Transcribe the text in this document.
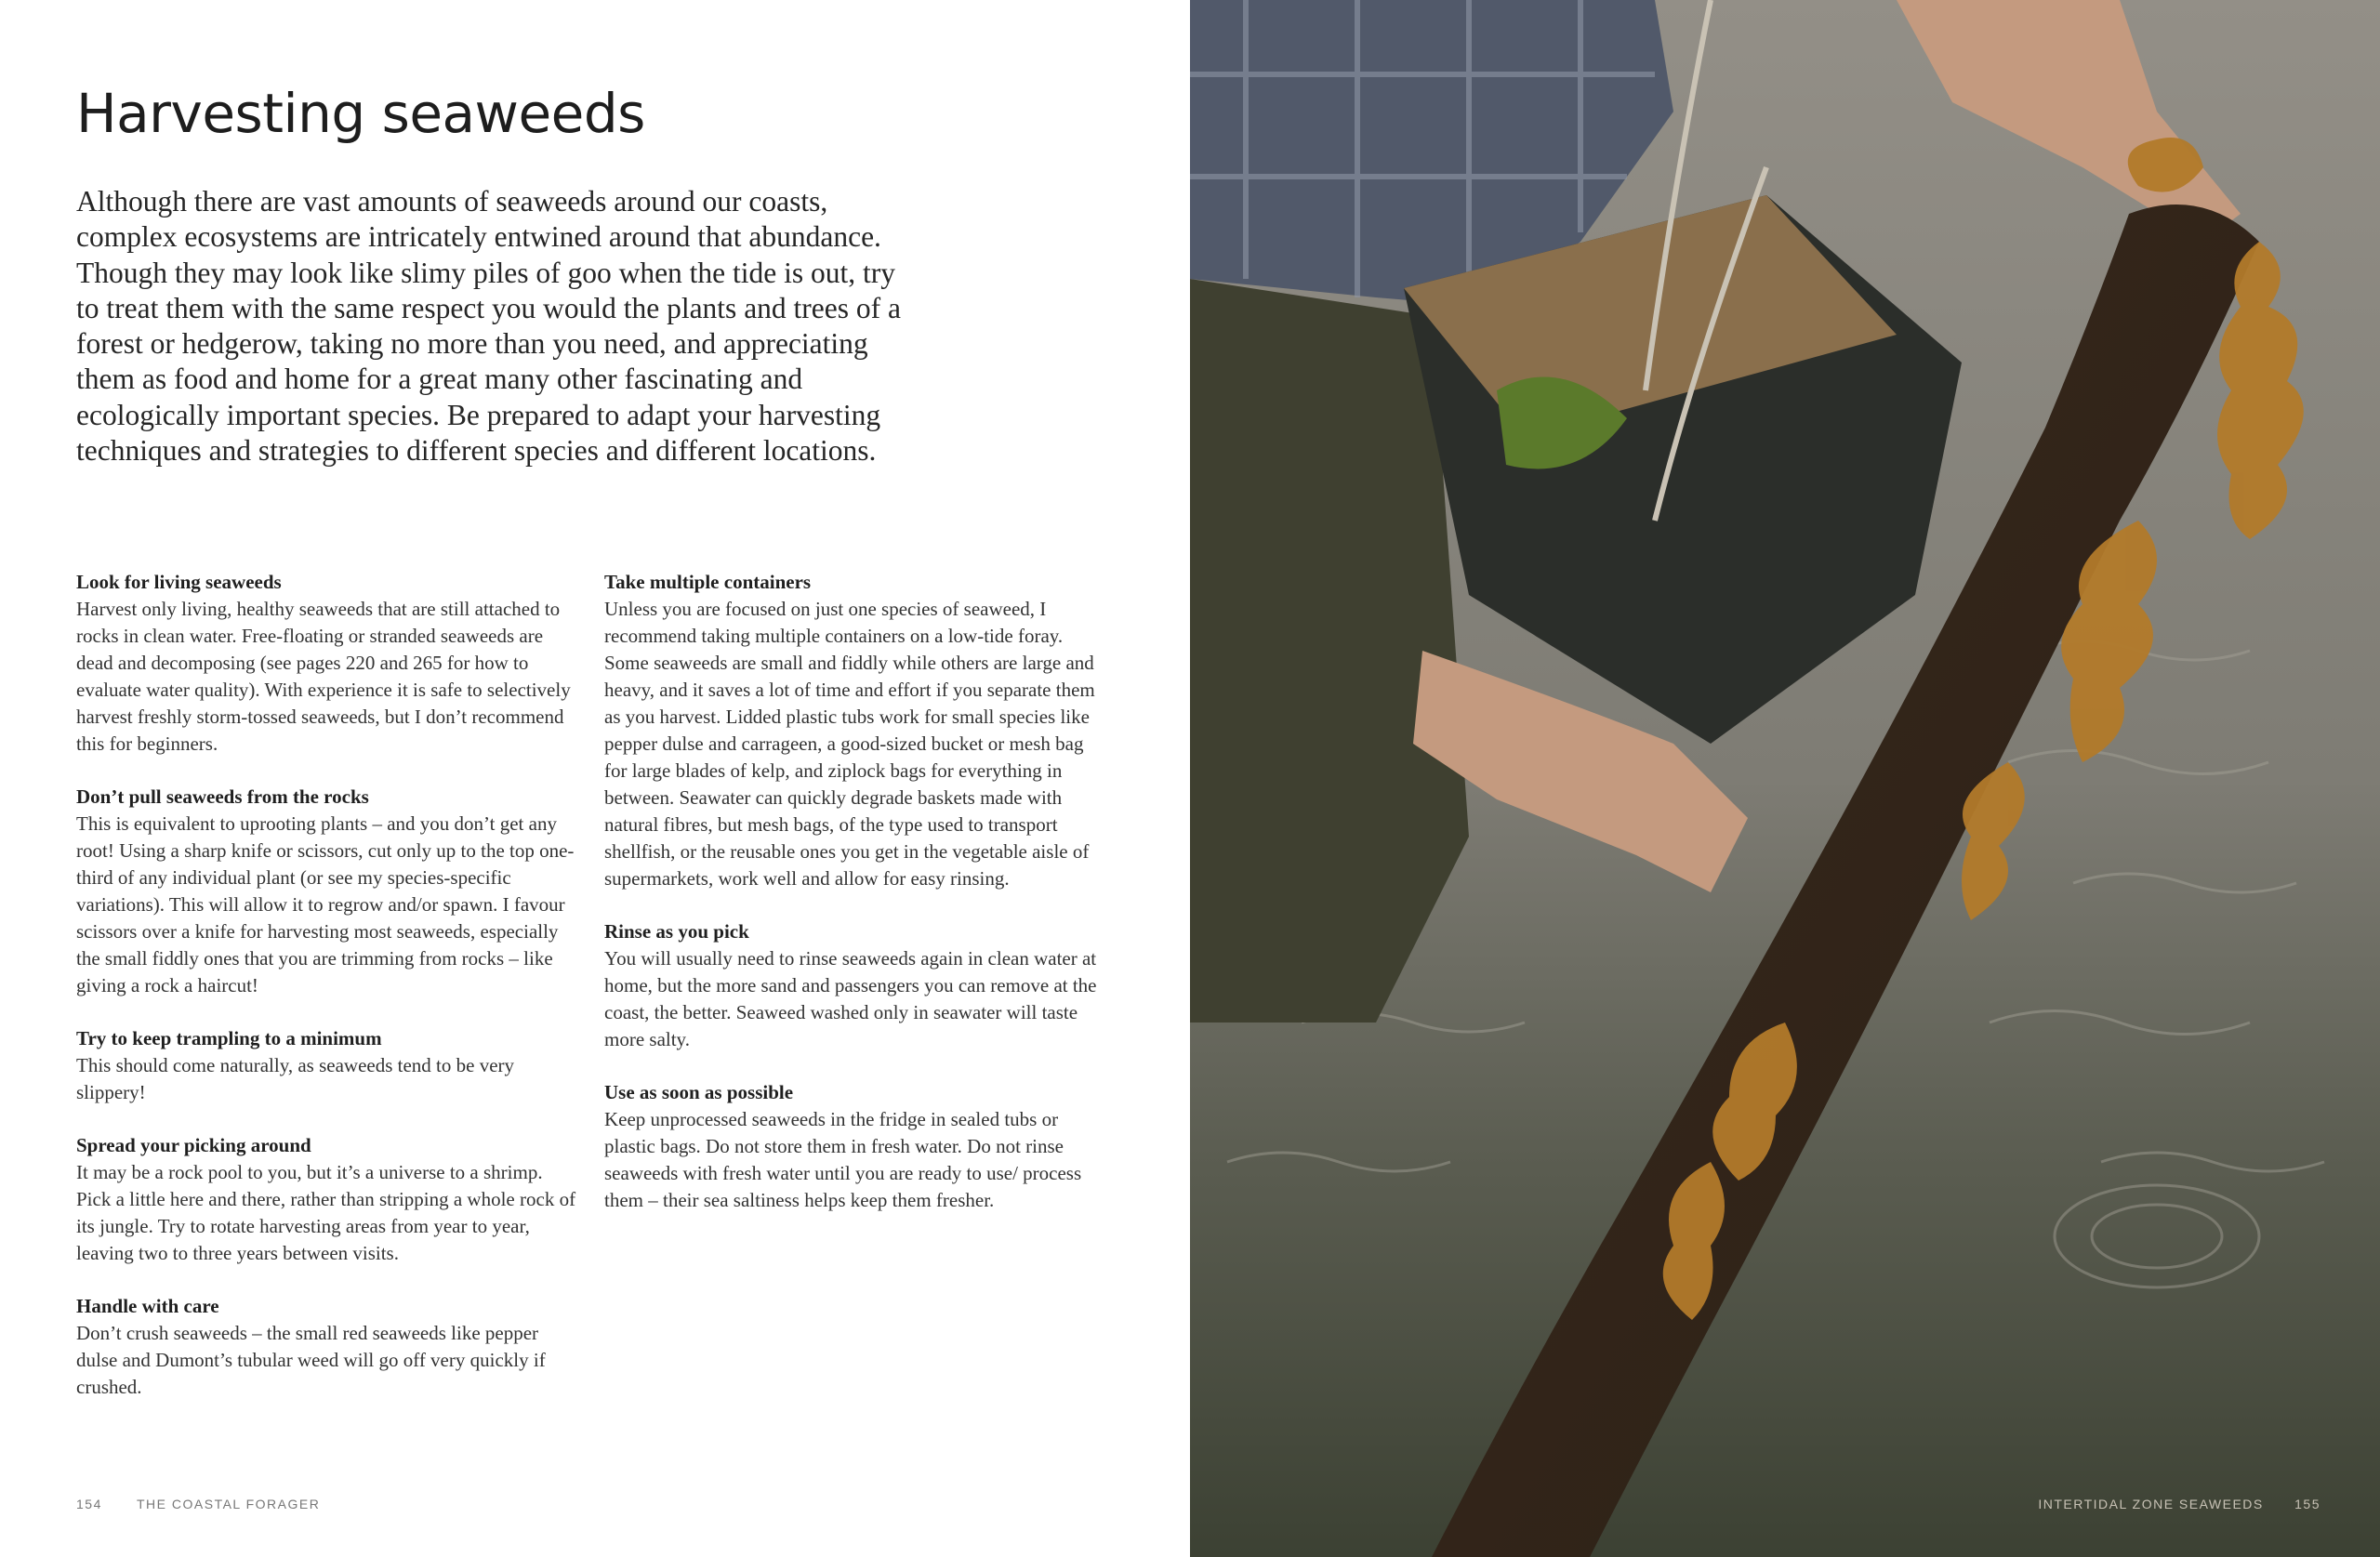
Harvesting seaweeds

Although there are vast amounts of seaweeds around our coasts, complex ecosystems are intricately entwined around that abundance. Though they may look like slimy piles of goo when the tide is out, try to treat them with the same respect you would the plants and trees of a forest or hedgerow, taking no more than you need, and appreciating them as food and home for a great many other fascinating and ecologically important species. Be prepared to adapt your harvesting techniques and strategies to different species and different locations.

Look for living seaweeds

Harvest only living, healthy seaweeds that are still attached to rocks in clean water. Free-floating or stranded seaweeds are dead and decomposing (see pages 220 and 265 for how to evaluate water quality). With experience it is safe to selectively harvest freshly storm-tossed seaweeds, but I don’t recommend this for beginners.

Don’t pull seaweeds from the rocks

This is equivalent to uprooting plants – and you don’t get any root! Using a sharp knife or scissors, cut only up to the top one-third of any individual plant (or see my species-specific variations). This will allow it to regrow and/or spawn. I favour scissors over a knife for harvesting most seaweeds, especially the small fiddly ones that you are trimming from rocks – like giving a rock a haircut!

Try to keep trampling to a minimum

This should come naturally, as seaweeds tend to be very slippery!

Spread your picking around

It may be a rock pool to you, but it’s a universe to a shrimp. Pick a little here and there, rather than stripping a whole rock of its jungle. Try to rotate harvesting areas from year to year, leaving two to three years between visits.

Handle with care

Don’t crush seaweeds – the small red seaweeds like pepper dulse and Dumont’s tubular weed will go off very quickly if crushed.

Take multiple containers

Unless you are focused on just one species of seaweed, I recommend taking multiple containers on a low-tide foray. Some seaweeds are small and fiddly while others are large and heavy, and it saves a lot of time and effort if you separate them as you harvest. Lidded plastic tubs work for small species like pepper dulse and carrageen, a good-sized bucket or mesh bag for large blades of kelp, and ziplock bags for everything in between. Seawater can quickly degrade baskets made with natural fibres, but mesh bags, of the type used to transport shellfish, or the reusable ones you get in the vegetable aisle of supermarkets, work well and allow for easy rinsing.

Rinse as you pick

You will usually need to rinse seaweeds again in clean water at home, but the more sand and passengers you can remove at the coast, the better. Seaweed washed only in seawater will taste more salty.

Use as soon as possible

Keep unprocessed seaweeds in the fridge in sealed tubs or plastic bags. Do not store them in fresh water. Do not rinse seaweeds with fresh water until you are ready to use/ process them – their sea saltiness helps keep them fresher.

154	THE COASTAL FORAGER	INTERTIDAL ZONE SEAWEEDS 155
